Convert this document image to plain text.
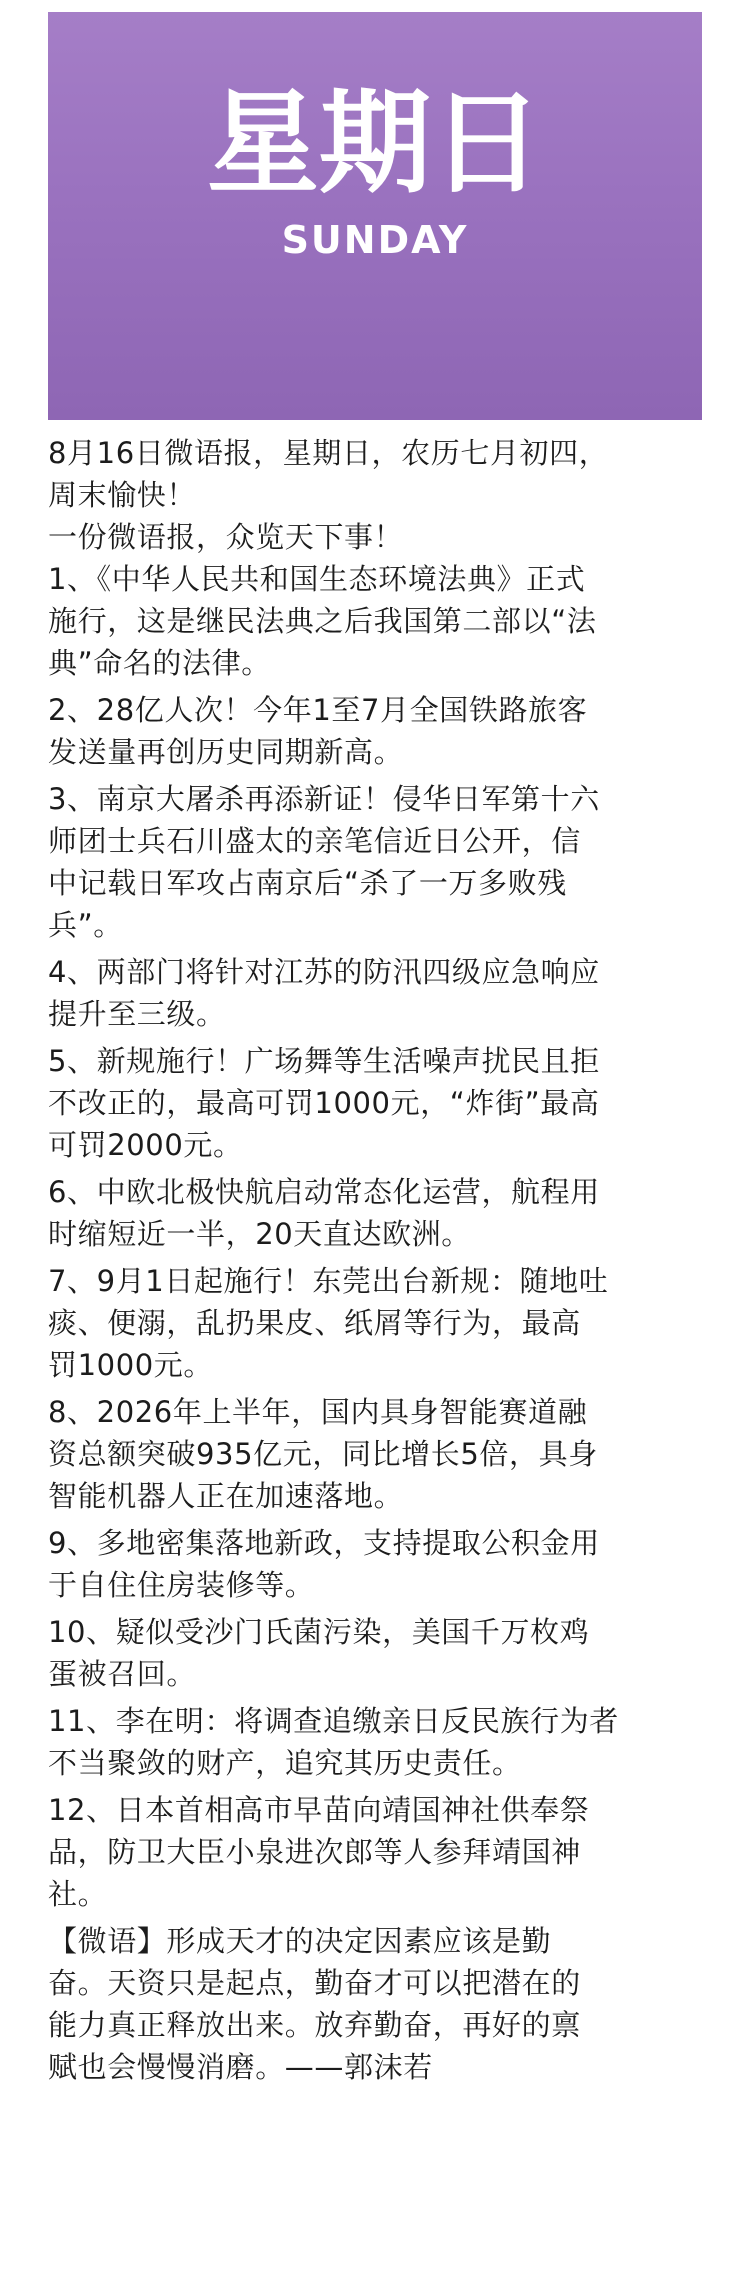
星期日
SUNDAY
8月16日微语报，星期日，农历七月初四，
周末愉快！
一份微语报，众览天下事！
1、《中华人民共和国生态环境法典》正式
施行，这是继民法典之后我国第二部以“法
典”命名的法律。
2、28亿人次！今年1至7月全国铁路旅客
发送量再创历史同期新高。
3、南京大屠杀再添新证！侵华日军第十六
师团士兵石川盛太的亲笔信近日公开，信
中记载日军攻占南京后“杀了一万多败残
兵”。
4、两部门将针对江苏的防汛四级应急响应
提升至三级。
5、新规施行！广场舞等生活噪声扰民且拒
不改正的，最高可罚1000元，“炸街”最高
可罚2000元。
6、中欧北极快航启动常态化运营，航程用
时缩短近一半，20天直达欧洲。
7、9月1日起施行！东莞出台新规：随地吐
痰、便溺，乱扔果皮、纸屑等行为，最高
罚1000元。
8、2026年上半年，国内具身智能赛道融
资总额突破935亿元，同比增长5倍，具身
智能机器人正在加速落地。
9、多地密集落地新政，支持提取公积金用
于自住住房装修等。
10、疑似受沙门氏菌污染，美国千万枚鸡
蛋被召回。
11、李在明：将调查追缴亲日反民族行为者
不当聚敛的财产，追究其历史责任。
12、日本首相高市早苗向靖国神社供奉祭
品，防卫大臣小泉进次郎等人参拜靖国神
社。
【微语】形成天才的决定因素应该是勤
奋。天资只是起点，勤奋才可以把潜在的
能力真正释放出来。放弃勤奋，再好的禀
赋也会慢慢消磨。——郭沫若
